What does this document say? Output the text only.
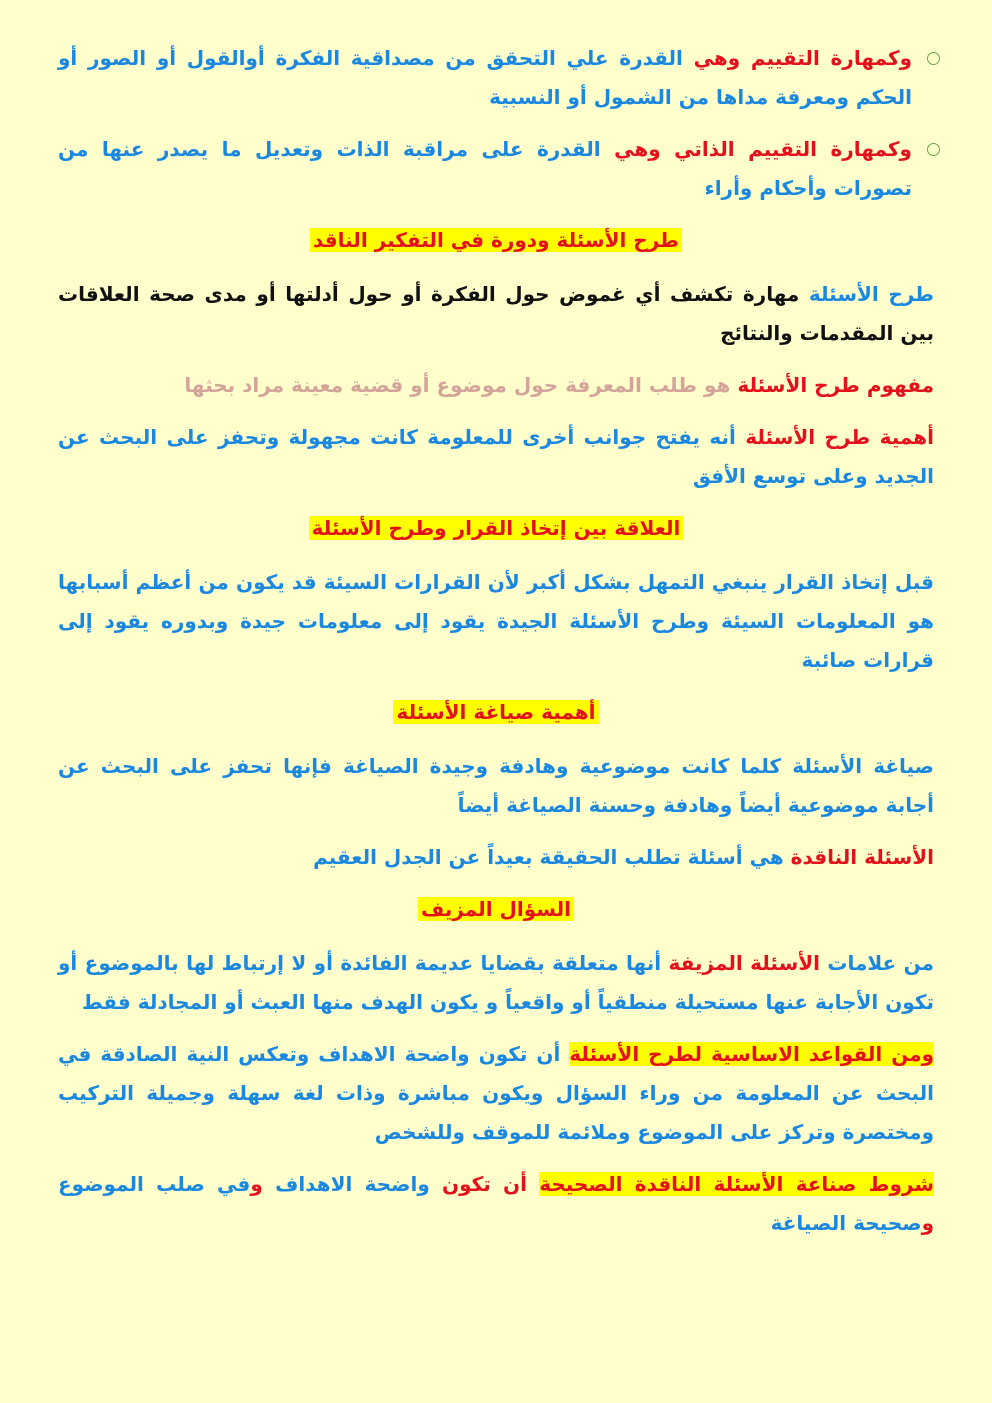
وكمهارة التقييم وهي القدرة علي التحقق من مصداقية الفكرة أوالقول أو الصور أو الحكم ومعرفة مداها من الشمول أو النسبية
وكمهارة التقييم الذاتي وهي القدرة على مراقبة الذات وتعديل ما يصدر عنها من تصورات وأحكام وأراء
طرح الأسئلة ودورة في التفكير الناقد

طرح الأسئلة مهارة تكشف أي غموض حول الفكرة أو حول أدلتها أو مدى صحة العلاقات بين المقدمات والنتائج

مفهوم طرح الأسئلة هو طلب المعرفة حول موضوع أو قضية معينة مراد بحثها

أهمية طرح الأسئلة أنه يفتح جوانب أخرى للمعلومة كانت مجهولة وتحفز على البحث عن الجديد وعلى توسع الأفق

العلاقة بين إتخاذ القرار وطرح الأسئلة

قبل إتخاذ القرار ينبغي التمهل بشكل أكبر لأن القرارات السيئة قد يكون من أعظم أسبابها هو المعلومات السيئة وطرح الأسئلة الجيدة يقود إلى معلومات جيدة وبدوره يقود إلى قرارات صائبة

أهمية صياغة الأسئلة

صياغة الأسئلة كلما كانت موضوعية وهادفة وجيدة الصياغة فإنها تحفز على البحث عن أجابة موضوعية أيضاً وهادفة وحسنة الصياغة أيضاً

الأسئلة الناقدة هي أسئلة تطلب الحقيقة بعيداً عن الجدل العقيم

السؤال المزيف

من علامات الأسئلة المزيفة أنها متعلقة بقضايا عديمة الفائدة أو لا إرتباط لها بالموضوع أو تكون الأجابة عنها مستحيلة منطقياً أو واقعياً و يكون الهدف منها العبث أو المجادلة فقط

ومن القواعد الاساسية لطرح الأسئلة أن تكون واضحة الاهداف وتعكس النية الصادقة في البحث عن المعلومة من وراء السؤال ويكون مباشرة وذات لغة سهلة وجميلة التركيب ومختصرة وتركز على الموضوع وملائمة للموقف وللشخص

شروط صناعة الأسئلة الناقدة الصحيحة أن تكون واضحة الاهداف وفي صلب الموضوع وصحيحة الصياغة
